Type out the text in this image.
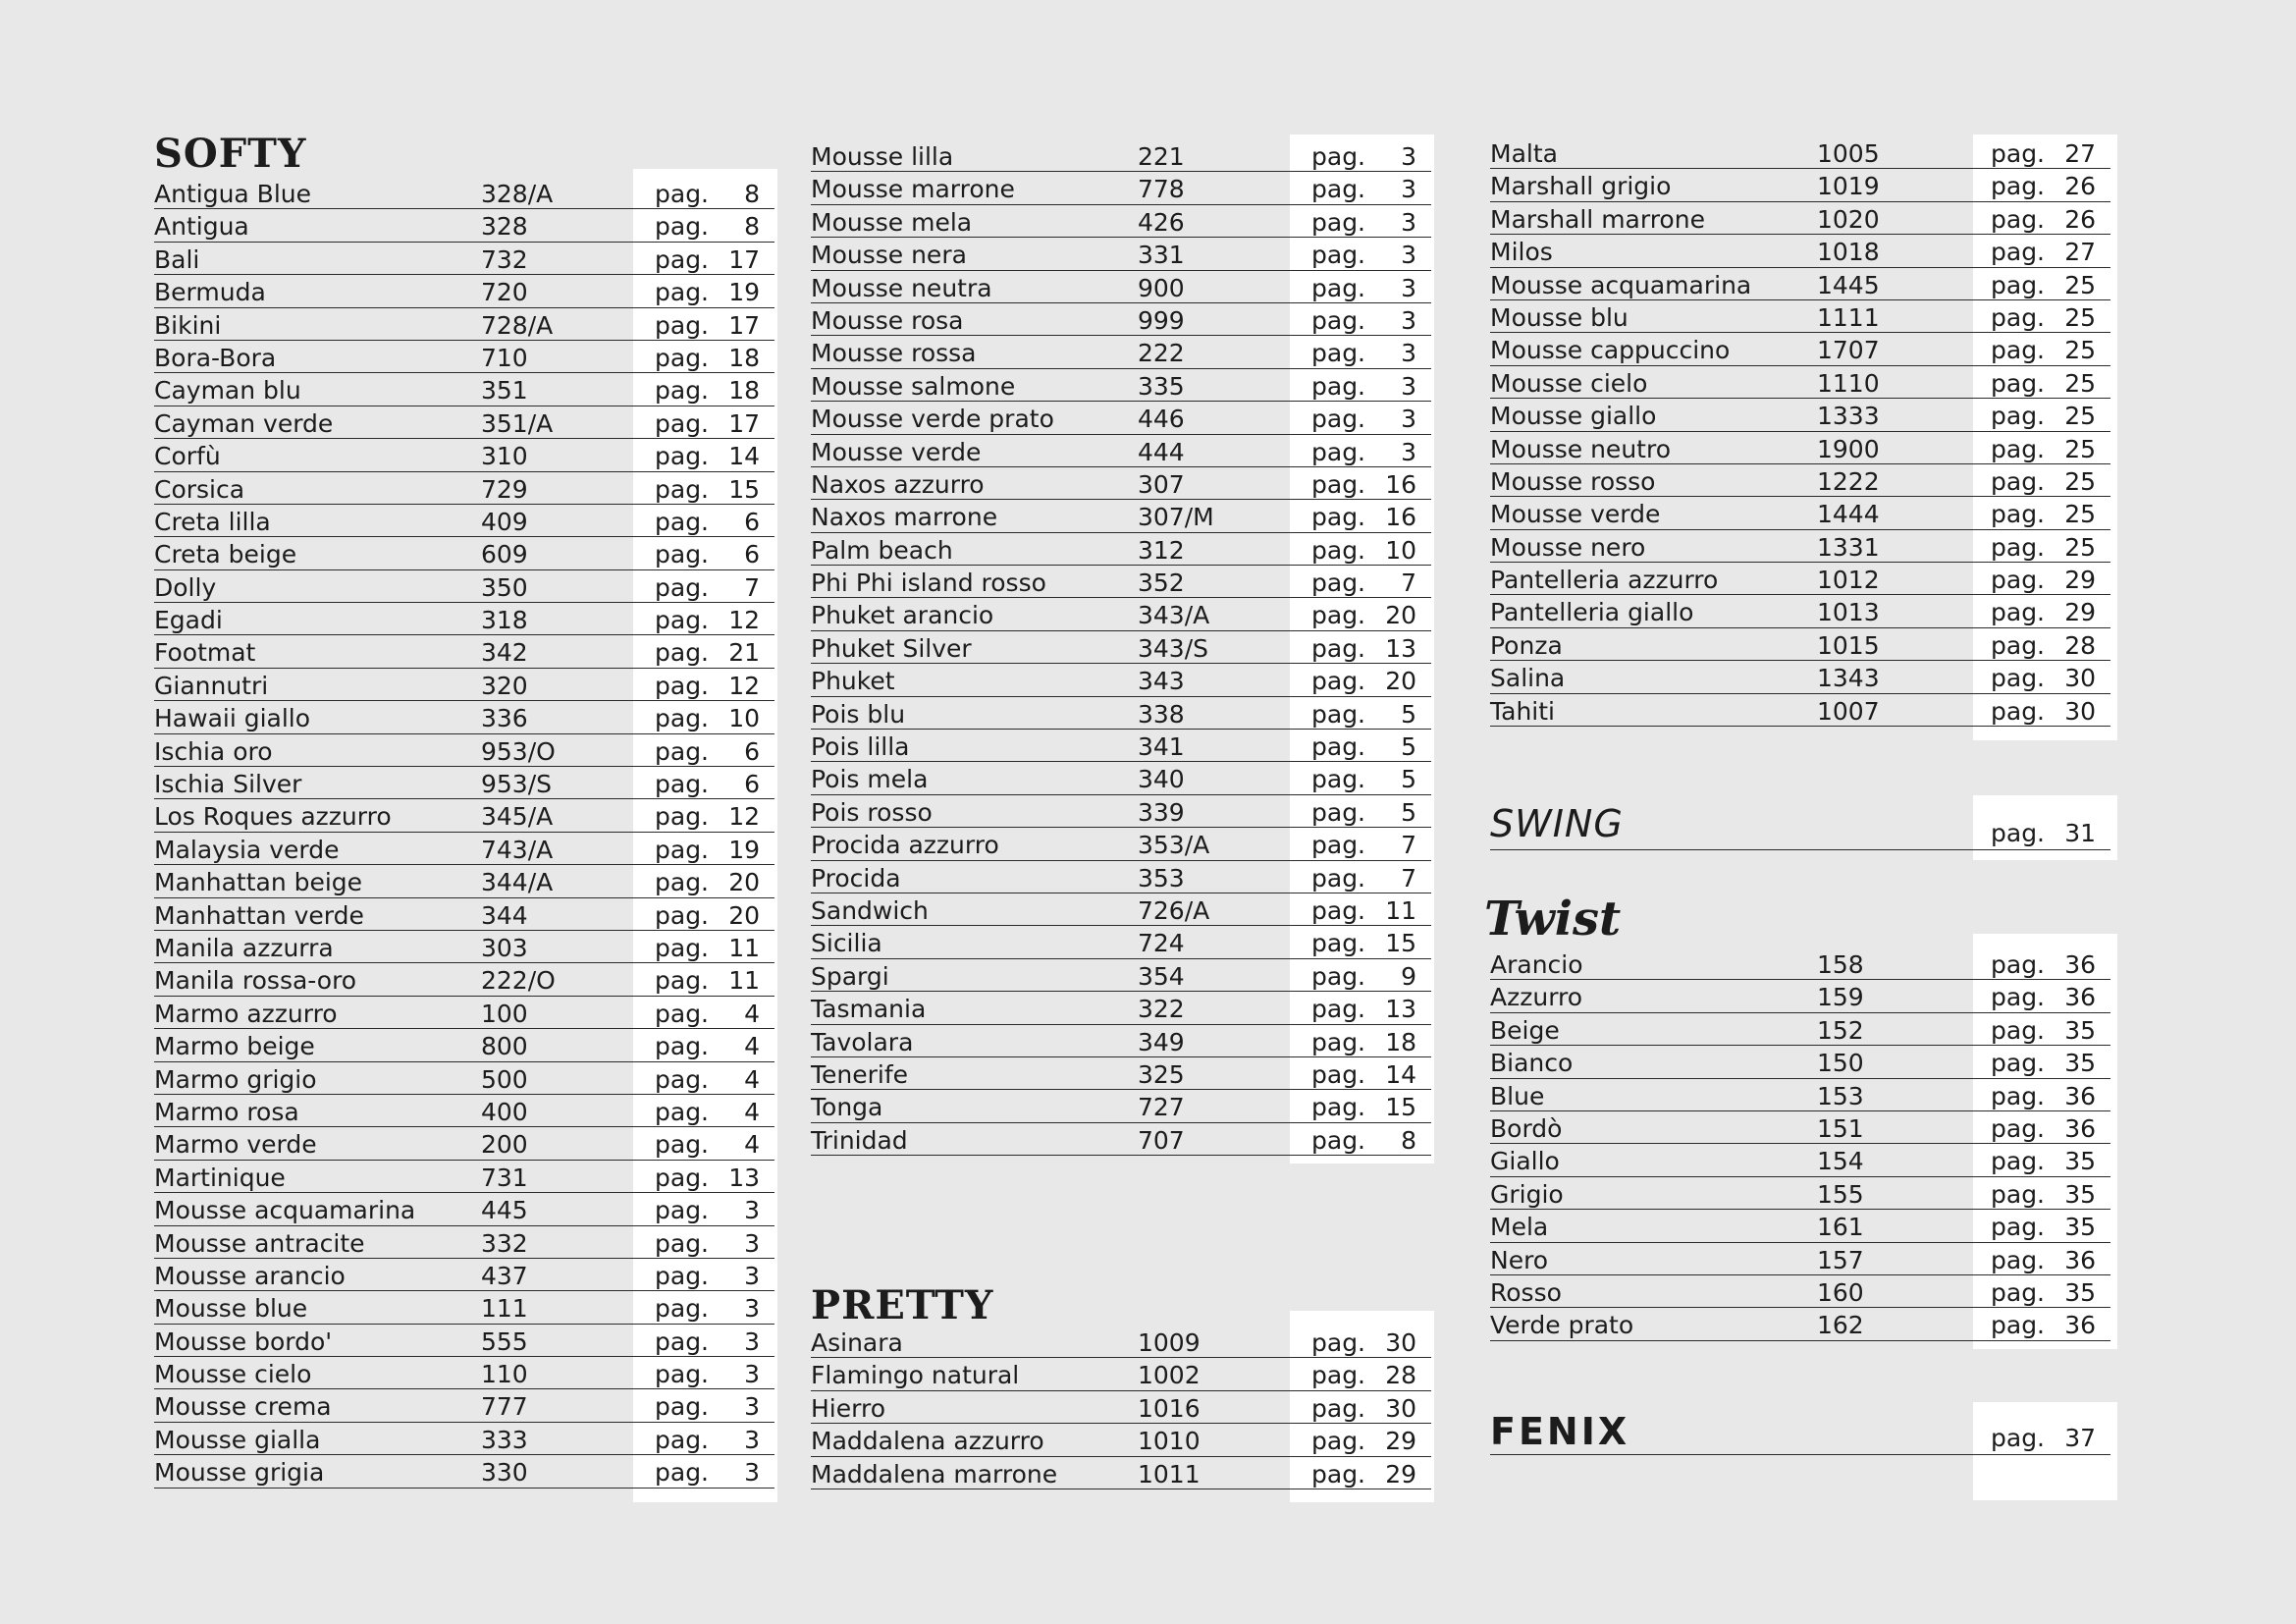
SOFTY
Antigua Blue	328/A	pag.	8
Antigua	328	pag.	8
Bali	732	pag. 17
Bermuda	720	pag. 19
Bikini	728/A	pag. 17
Bora-Bora	710	pag. 18
Cayman blu	351	pag. 18
Cayman verde	351/A	pag. 17
Corfù	310	pag. 14
Corsica	729	pag. 15
Creta lilla	409	pag.	6
Creta beige	609	pag.	6
Dolly	350	pag.	7
Egadi	318	pag. 12
Footmat	342	pag. 21
Giannutri	320	pag. 12
Hawaii giallo	336	pag. 10
Ischia oro	953/O	pag.	6
Ischia Silver	953/S	pag.	6
Los Roques azzurro	345/A	pag. 12
Malaysia verde	743/A	pag. 19
Manhattan beige	344/A	pag. 20
Manhattan verde	344	pag. 20
Manila azzurra	303	pag. 11
Manila rossa-oro	222/O	pag. 11
Marmo azzurro	100	pag.	4
Marmo beige	800	pag.	4
Marmo grigio	500	pag.	4
Marmo rosa	400	pag.	4
Marmo verde	200	pag.	4
Martinique	731	pag. 13
Mousse acquamarina	445	pag.	3
Mousse antracite	332	pag.	3
Mousse arancio	437	pag.	3
Mousse blue	111	pag.	3
Mousse bordo'	555	pag.	3
Mousse cielo	110	pag.	3
Mousse crema	777	pag.	3
Mousse gialla	333	pag.	3
Mousse grigia	330	pag.	3
Mousse lilla	221	pag.	3
Mousse marrone	778	pag.	3
Mousse mela	426	pag.	3
Mousse nera	331	pag.	3
Mousse neutra	900	pag.	3
Mousse rosa	999	pag.	3
Mousse rossa	222	pag.	3
Mousse salmone	335	pag.	3
Mousse verde prato	446	pag.	3
Mousse verde	444	pag.	3
Naxos azzurro	307	pag. 16
Naxos marrone	307/M	pag. 16
Palm beach	312	pag. 10
Phi Phi island rosso	352	pag.	7
Phuket arancio	343/A	pag. 20
Phuket Silver	343/S	pag. 13
Phuket	343	pag. 20
Pois blu	338	pag.	5
Pois lilla	341	pag.	5
Pois mela	340	pag.	5
Pois rosso	339	pag.	5
Procida azzurro	353/A	pag.	7
Procida	353	pag.	7
Sandwich	726/A	pag. 11
Sicilia	724	pag. 15
Spargi	354	pag.	9
Tasmania	322	pag. 13
Tavolara	349	pag. 18
Tenerife	325	pag. 14
Tonga	727	pag. 15
Trinidad	707	pag.	8
PRETTY
Asinara	1009	pag. 30
Flamingo natural	1002	pag. 28
Hierro	1016	pag. 30
Maddalena azzurro	1010	pag. 29
Maddalena marrone	1011	pag. 29
Malta	1005	pag. 27
Marshall grigio	1019	pag. 26
Marshall marrone	1020	pag. 26
Milos	1018	pag. 27
Mousse acquamarina	1445	pag. 25
Mousse blu	1111	pag. 25
Mousse cappuccino	1707	pag. 25
Mousse cielo	1110	pag. 25
Mousse giallo	1333	pag. 25
Mousse neutro	1900	pag. 25
Mousse rosso	1222	pag. 25
Mousse verde	1444	pag. 25
Mousse nero	1331	pag. 25
Pantelleria azzurro	1012	pag. 29
Pantelleria giallo	1013	pag. 29
Ponza	1015	pag. 28
Salina	1343	pag. 30
Tahiti	1007	pag. 30
SWING	pag. 31
Twist
Arancio	158	pag. 36
Azzurro	159	pag. 36
Beige	152	pag. 35
Bianco	150	pag. 35
Blue	153	pag. 36
Bordò	151	pag. 36
Giallo	154	pag. 35
Grigio	155	pag. 35
Mela	161	pag. 35
Nero	157	pag. 36
Rosso	160	pag. 35
Verde prato	162	pag. 36
FENIX	pag. 37
